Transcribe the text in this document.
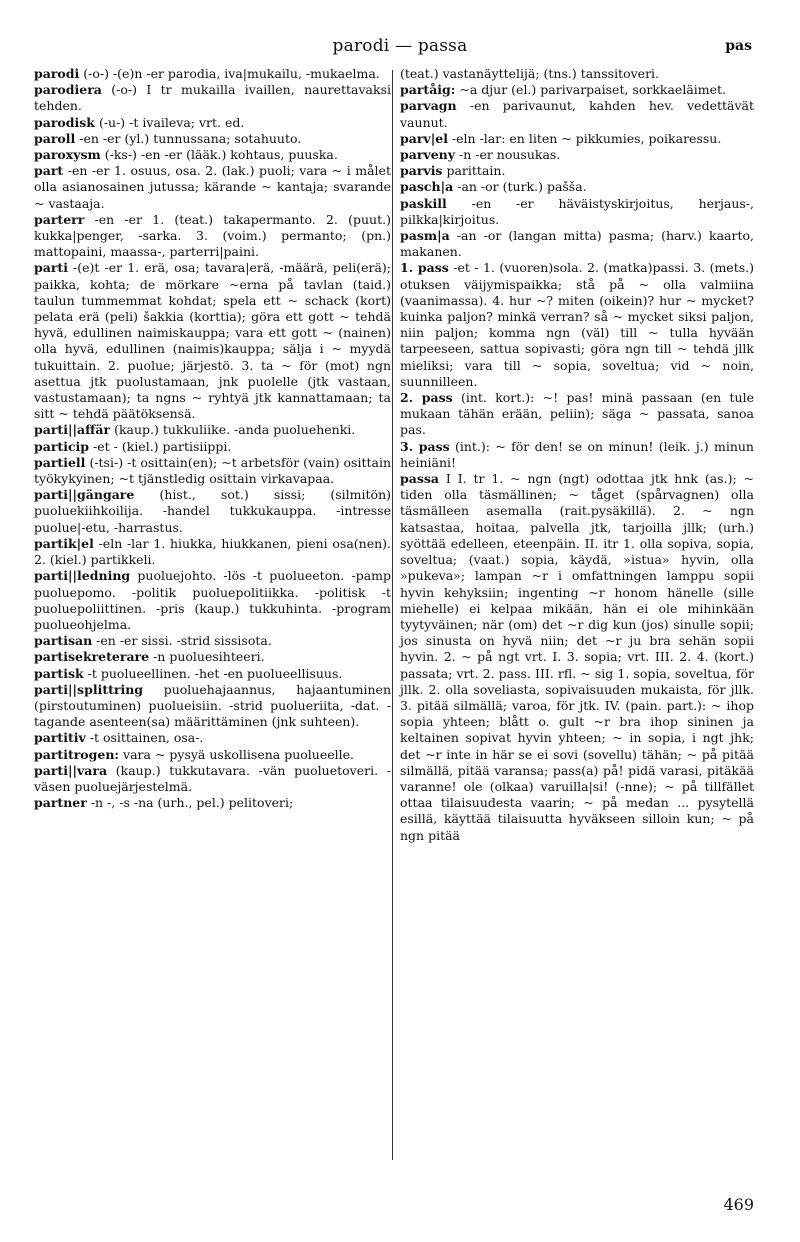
parodi — passa	pas

parodi (-o-) -(e)n -er parodia, iva|mukailu, -mukaelma.

parodiera (-o-) I tr mukailla ivaillen, naurettavaksi tehden.

parodisk (-u-) -t ivaileva; vrt. ed.

paroll -en -er (yl.) tunnussana; sotahuuto.

paroxysm (-ks-) -en -er (lääk.) kohtaus, puuska.

part -en -er 1. osuus, osa. 2. (lak.) puoli; vara ~ i målet olla asianosainen jutussa; kärande ~ kantaja; svarande ~ vastaaja.

parterr -en -er 1. (teat.) takapermanto. 2. (puut.) kukka|penger, -sarka. 3. (voim.) permanto; (pn.) mattopaini, maassa-, parterri|paini.

parti -(e)t -er 1. erä, osa; tavara|erä, -määrä, peli(erä); paikka, kohta; de mörkare ~erna på tavlan (taid.) taulun tummemmat kohdat; spela ett ~ schack (kort) pelata erä (peli) šakkia (korttia); göra ett gott ~ tehdä hyvä, edullinen naimiskauppa; vara ett gott ~ (nainen) olla hyvä, edullinen (naimis)kauppa; sälja i ~ myydä tukuittain. 2. puolue; järjestö. 3. ta ~ för (mot) ngn asettua jtk puolustamaan, jnk puolelle (jtk vastaan, vastustamaan); ta ngns ~ ryhtyä jtk kannattamaan; ta sitt ~ tehdä päätöksensä.

parti||affär (kaup.) tukkuliike. -anda puoluehenki.

particip -et - (kiel.) partisiippi.

partiell (-tsi-) -t osittain(en); ~t arbetsför (vain) osittain työkykyinen; ~t tjänstledig osittain virkavapaa.

parti||gängare (hist., sot.) sissi; (silmitön) puoluekiihkoilija. -handel tukkukauppa. -intresse puolue|-etu, -harrastus.

partik|el -eln -lar 1. hiukka, hiukkanen, pieni osa(nen). 2. (kiel.) partikkeli.

parti||ledning puoluejohto. -lös -t puolueeton. -pamp puoluepomo. -politik puoluepolitiikka. -politisk -t puoluepoliittinen. -pris (kaup.) tukkuhinta. -program puolueohjelma.

partisan -en -er sissi. -strid sissisota.

partisekreterare -n puoluesihteeri.

partisk -t puolueellinen. -het -en puolueellisuus.

parti||splittring puoluehajaannus, hajaantuminen (pirstoutuminen) puolueisiin. -strid puolueriita, -dat. -tagande asenteen(sa) määrittäminen (jnk suhteen).

partitiv -t osittainen, osa-.

partitrogen: vara ~ pysyä uskollisena puolueelle.

parti||vara (kaup.) tukkutavara. -vän puoluetoveri. -väsen puoluejärjestelmä.

partner -n -, -s -na (urh., pel.) pelitoveri;

(teat.) vastanäyttelijä; (tns.) tanssitoveri.

partåig: ~a djur (el.) parivarpaiset, sorkkaeläimet.

parvagn -en parivaunut, kahden hev. vedettävät vaunut.

parv|el -eln -lar: en liten ~ pikkumies, poikaressu.

parveny -n -er nousukas.

parvis parittain.

pasch|a -an -or (turk.) pašša.

paskill -en -er häväistyskirjoitus, herjaus-, pilkka|kirjoitus.

pasm|a -an -or (langan mitta) pasma; (harv.) kaarto, makanen.

1. pass -et - 1. (vuoren)sola. 2. (matka)passi. 3. (mets.) otuksen väijymispaikka; stå på ~ olla valmiina (vaanimassa). 4. hur ~? miten (oikein)? hur ~ mycket? kuinka paljon? minkä verran? så ~ mycket siksi paljon, niin paljon; komma ngn (väl) till ~ tulla hyvään tarpeeseen, sattua sopivasti; göra ngn till ~ tehdä jllk mieliksi; vara till ~ sopia, soveltua; vid ~ noin, suunnilleen.

2. pass (int. kort.): ~! pas! minä passaan (en tule mukaan tähän erään, peliin); säga ~ passata, sanoa pas.

3. pass (int.): ~ för den! se on minun! (leik. j.) minun heiniäni!

passa I I. tr 1. ~ ngn (ngt) odottaa jtk hnk (as.); ~ tiden olla täsmällinen; ~ tåget (spårvagnen) olla täsmälleen asemalla (rait.pysäkillä). 2. ~ ngn katsastaa, hoitaa, palvella jtk, tarjoilla jllk; (urh.) syöttää edelleen, eteenpäin. II. itr 1. olla sopiva, sopia, soveltua; (vaat.) sopia, käydä, »istua» hyvin, olla »pukeva»; lampan ~r i omfattningen lamppu sopii hyvin kehyksiin; ingenting ~r honom hänelle (sille miehelle) ei kelpaa mikään, hän ei ole mihinkään tyytyväinen; när (om) det ~r dig kun (jos) sinulle sopii; jos sinusta on hyvä niin; det ~r ju bra sehän sopii hyvin. 2. ~ på ngt vrt. I. 3. sopia; vrt. III. 2. 4. (kort.) passata; vrt. 2. pass. III. rfl. ~ sig 1. sopia, soveltua, för jllk. 2. olla soveliasta, sopivaisuuden mukaista, för jllk. 3. pitää silmällä; varoa, för jtk. IV. (pain. part.): ~ ihop sopia yhteen; blått o. gult ~r bra ihop sininen ja keltainen sopivat hyvin yhteen; ~ in sopia, i ngt jhk; det ~r inte in här se ei sovi (sovellu) tähän; ~ på pitää silmällä, pitää varansa; pass(a) på! pidä varasi, pitäkää varanne! ole (olkaa) varuilla|si! (-nne); ~ på tillfället ottaa tilaisuudesta vaarin; ~ på medan ... pysytellä esillä, käyttää tilaisuutta hyväkseen silloin kun; ~ på ngn pitää

469
